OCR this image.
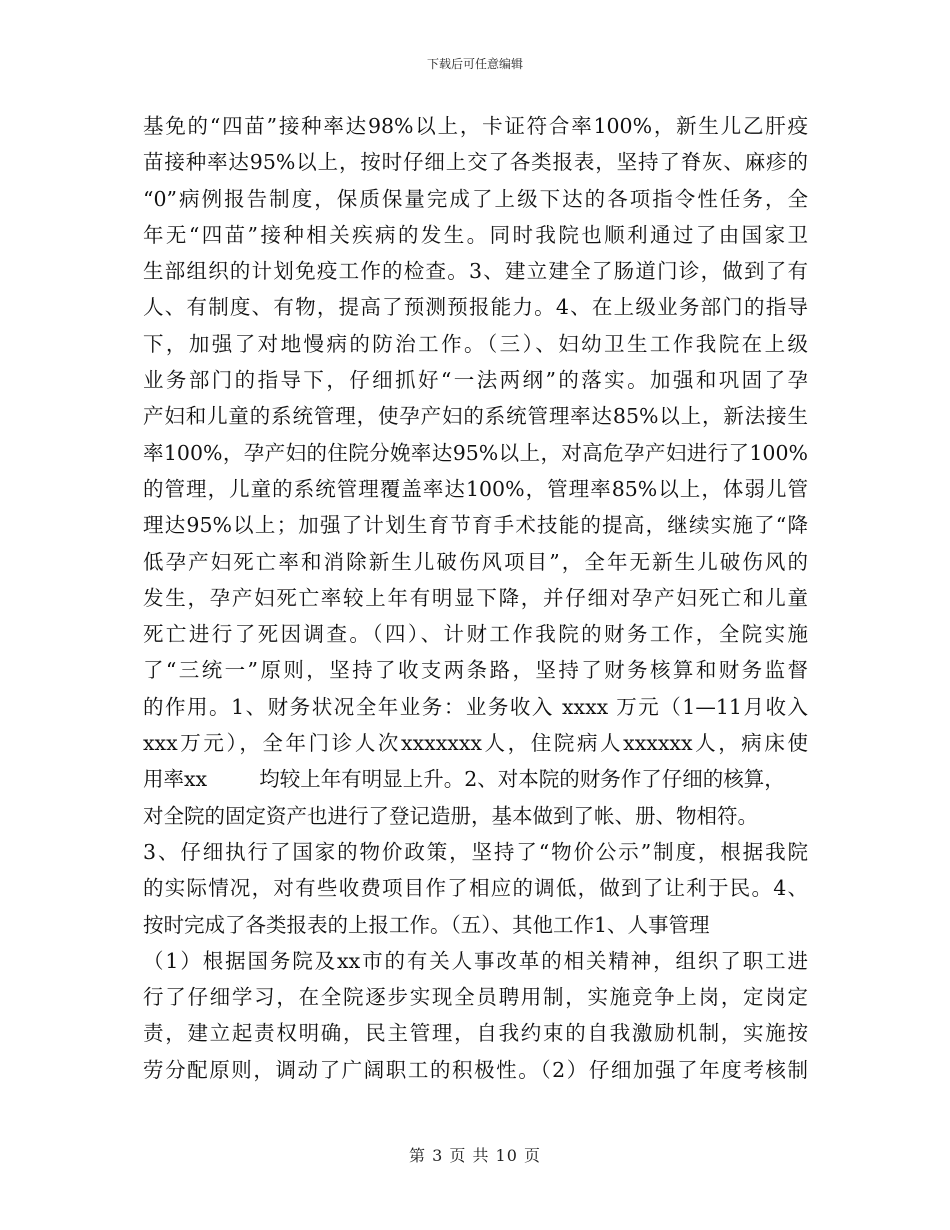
下载后可任意编辑
基免的“四苗”接种率达98%以上，卡证符合率100%，新生儿乙肝疫
苗接种率达95%以上，按时仔细上交了各类报表，坚持了脊灰、麻疹的
“0”病例报告制度，保质保量完成了上级下达的各项指令性任务，全
年无“四苗”接种相关疾病的发生。同时我院也顺利通过了由国家卫
生部组织的计划免疫工作的检查。3、建立建全了肠道门诊，做到了有
人、有制度、有物，提高了预测预报能力。4、在上级业务部门的指导
下，加强了对地慢病的防治工作。（三）、妇幼卫生工作我院在上级
业务部门的指导下，仔细抓好“一法两纲”的落实。加强和巩固了孕
产妇和儿童的系统管理，使孕产妇的系统管理率达85%以上，新法接生
率100%，孕产妇的住院分娩率达95%以上，对高危孕产妇进行了100%
的管理，儿童的系统管理覆盖率达100%，管理率85%以上，体弱儿管
理达95%以上；加强了计划生育节育手术技能的提高，继续实施了“降
低孕产妇死亡率和消除新生儿破伤风项目”，全年无新生儿破伤风的
发生，孕产妇死亡率较上年有明显下降，并仔细对孕产妇死亡和儿童
死亡进行了死因调查。（四）、计财工作我院的财务工作，全院实施
了“三统一”原则，坚持了收支两条路，坚持了财务核算和财务监督
的作用。1、财务状况全年业务：业务收入 xxxx 万元（1—11月收入
xxx万元），全年门诊人次xxxxxxx人，住院病人xxxxxx人，病床使
用率xx        均较上年有明显上升。2、对本院的财务作了仔细的核算，
对全院的固定资产也进行了登记造册，基本做到了帐、册、物相符。
3、仔细执行了国家的物价政策，坚持了“物价公示”制度，根据我院
的实际情况，对有些收费项目作了相应的调低，做到了让利于民。4、
按时完成了各类报表的上报工作。（五）、其他工作1、人事管理
（1）根据国务院及xx市的有关人事改革的相关精神，组织了职工进
行了仔细学习，在全院逐步实现全员聘用制，实施竞争上岗，定岗定
责，建立起责权明确，民主管理，自我约束的自我激励机制，实施按
劳分配原则，调动了广阔职工的积极性。（2）仔细加强了年度考核制
第 3 页 共 10 页
